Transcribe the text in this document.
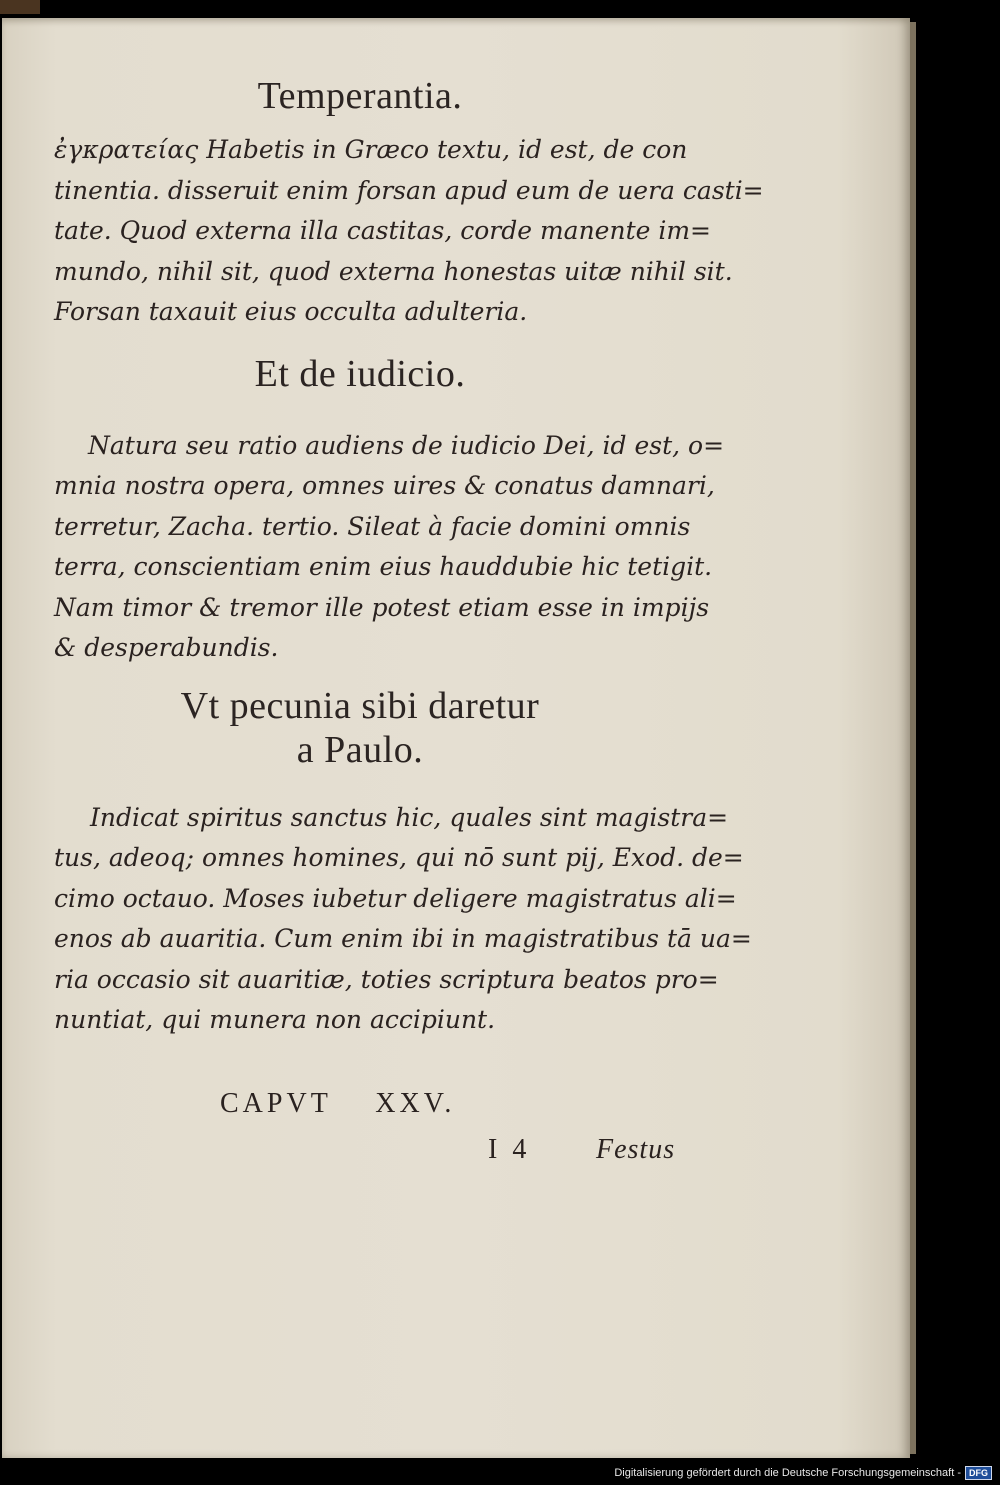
Temperantia.
ἐγκρατείας Habetis in Græco textu, id est, de con
tinentia. disseruit enim forsan apud eum de uera casti=
tate. Quod externa illa castitas, corde manente im=
mundo, nihil sit, quod externa honestas uitæ nihil sit.
Forsan taxauit eius occulta adulteria.
Et de iudicio.
Natura seu ratio audiens de iudicio Dei, id est, o=
mnia nostra opera, omnes uires & conatus damnari,
terretur, Zacha. tertio. Sileat à facie domini omnis
terra, conscientiam enim eius hauddubie hic tetigit.
Nam timor & tremor ille potest etiam esse in impijs
& desperabundis.
Vt pecunia sibi daretur
a Paulo.
Indicat spiritus sanctus hic, quales sint magistra=
tus, adeoq; omnes homines, qui nō sunt pij, Exod. de=
cimo octauo. Moses iubetur deligere magistratus ali=
enos ab auaritia. Cum enim ibi in magistratibus tā ua=
ria occasio sit auaritiæ, toties scriptura beatos pro=
nuntiat, qui munera non accipiunt.
CAPVT    XXV.
I 4 Festus
Digitalisierung gefördert durch die Deutsche Forschungsgemeinschaft - DFG
